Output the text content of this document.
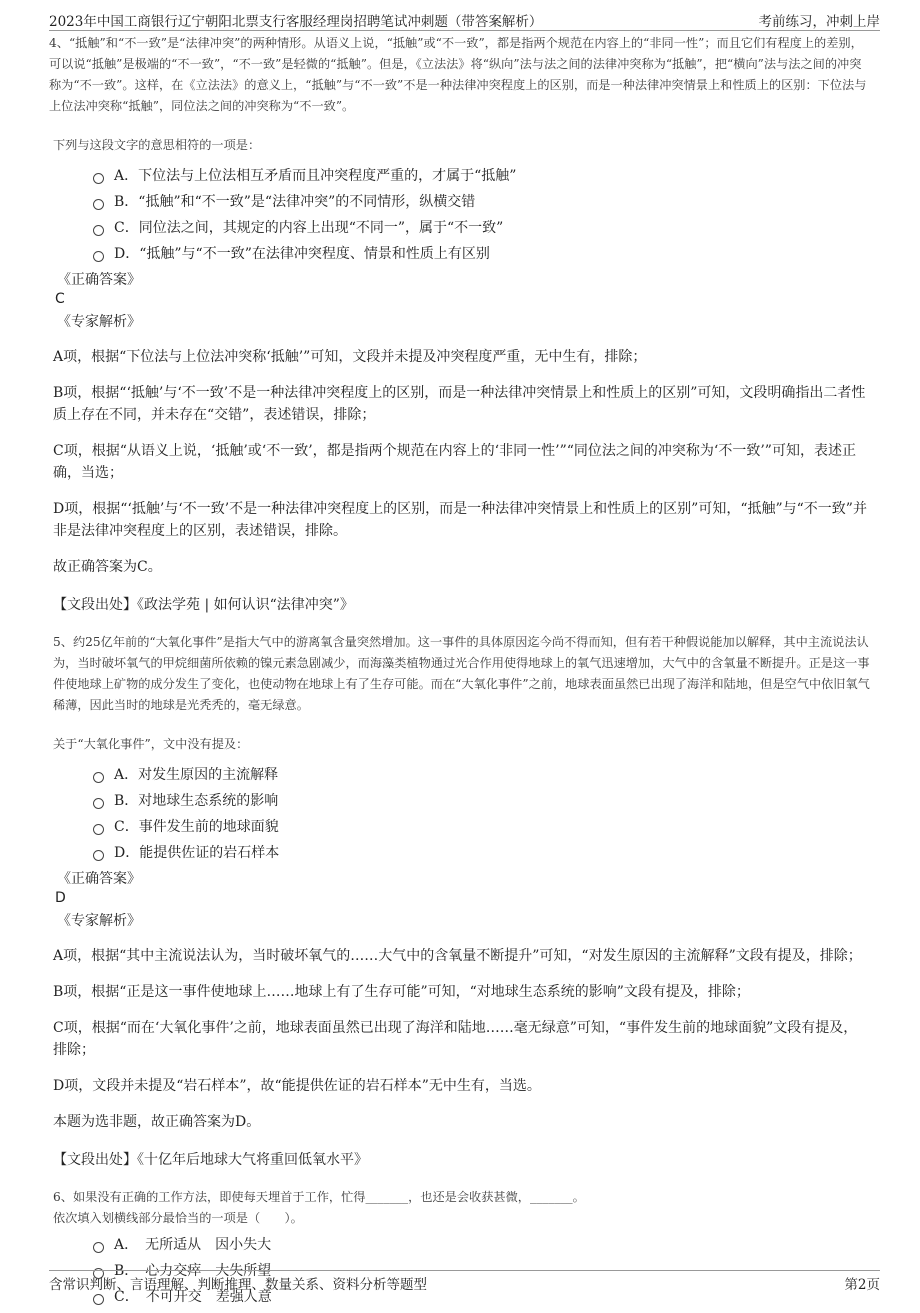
2023年中国工商银行辽宁朝阳北票支行客服经理岗招聘笔试冲刺题（带答案解析）	考前练习，冲刺上岸

4、“抵触”和“不一致”是“法律冲突”的两种情形。从语义上说，“抵触”或“不一致”，都是指两个规范在内容上的“非同一性”；而且它们有程度上的差别，可以说“抵触”是极端的“不一致”，“不一致”是轻微的“抵触”。但是，《立法法》将“纵向”法与法之间的法律冲突称为“抵触”，把“横向”法与法之间的冲突称为“不一致”。这样，在《立法法》的意义上，“抵触”与“不一致”不是一种法律冲突程度上的区别，而是一种法律冲突情景上和性质上的区别：下位法与上位法冲突称“抵触”，同位法之间的冲突称为“不一致”。

下列与这段文字的意思相符的一项是：

A．下位法与上位法相互矛盾而且冲突程度严重的，才属于“抵触”
B．“抵触”和“不一致”是“法律冲突”的不同情形，纵横交错
C．同位法之间，其规定的内容上出现“不同一”，属于“不一致”
D．“抵触”与“不一致”在法律冲突程度、情景和性质上有区别

《正确答案》

C

《专家解析》

A项，根据“下位法与上位法冲突称‘抵触’”可知，文段并未提及冲突程度严重，无中生有，排除；

B项，根据“‘抵触’与‘不一致’不是一种法律冲突程度上的区别，而是一种法律冲突情景上和性质上的区别”可知，文段明确指出二者性质上存在不同，并未存在“交错”，表述错误，排除；

C项，根据“从语义上说，‘抵触’或‘不一致’，都是指两个规范在内容上的‘非同一性’”“同位法之间的冲突称为‘不一致’”可知，表述正确，当选；

D项，根据“‘抵触’与‘不一致’不是一种法律冲突程度上的区别，而是一种法律冲突情景上和性质上的区别”可知，“抵触”与“不一致”并非是法律冲突程度上的区别，表述错误，排除。

故正确答案为C。

【文段出处】《政法学苑 | 如何认识“法律冲突”》

5、约25亿年前的“大氧化事件”是指大气中的游离氧含量突然增加。这一事件的具体原因迄今尚不得而知，但有若干种假说能加以解释，其中主流说法认为，当时破坏氧气的甲烷细菌所依赖的镍元素急剧减少，而海藻类植物通过光合作用使得地球上的氧气迅速增加，大气中的含氧量不断提升。正是这一事件使地球上矿物的成分发生了变化，也使动物在地球上有了生存可能。而在“大氧化事件”之前，地球表面虽然已出现了海洋和陆地，但是空气中依旧氧气稀薄，因此当时的地球是光秃秃的，毫无绿意。

关于“大氧化事件”，文中没有提及：

A．对发生原因的主流解释
B．对地球生态系统的影响
C．事件发生前的地球面貌
D．能提供佐证的岩石样本

《正确答案》

D

《专家解析》

A项，根据“其中主流说法认为，当时破坏氧气的……大气中的含氧量不断提升”可知，“对发生原因的主流解释”文段有提及，排除；

B项，根据“正是这一事件使地球上……地球上有了生存可能”可知，“对地球生态系统的影响”文段有提及，排除；

C项，根据“而在‘大氧化事件’之前，地球表面虽然已出现了海洋和陆地……毫无绿意”可知，“事件发生前的地球面貌”文段有提及，排除；

D项，文段并未提及“岩石样本”，故“能提供佐证的岩石样本”无中生有，当选。

本题为选非题，故正确答案为D。

【文段出处】《十亿年后地球大气将重回低氧水平》

6、如果没有正确的工作方法，即使每天埋首于工作，忙得_______，也还是会收获甚微，_______。

依次填入划横线部分最恰当的一项是（　　）。

A．　无所适从　因小失大
B．　心力交瘁　大失所望
C．　不可开交　差强人意
含常识判断、言语理解、判断推理、数量关系、资料分析等题型	第2页
